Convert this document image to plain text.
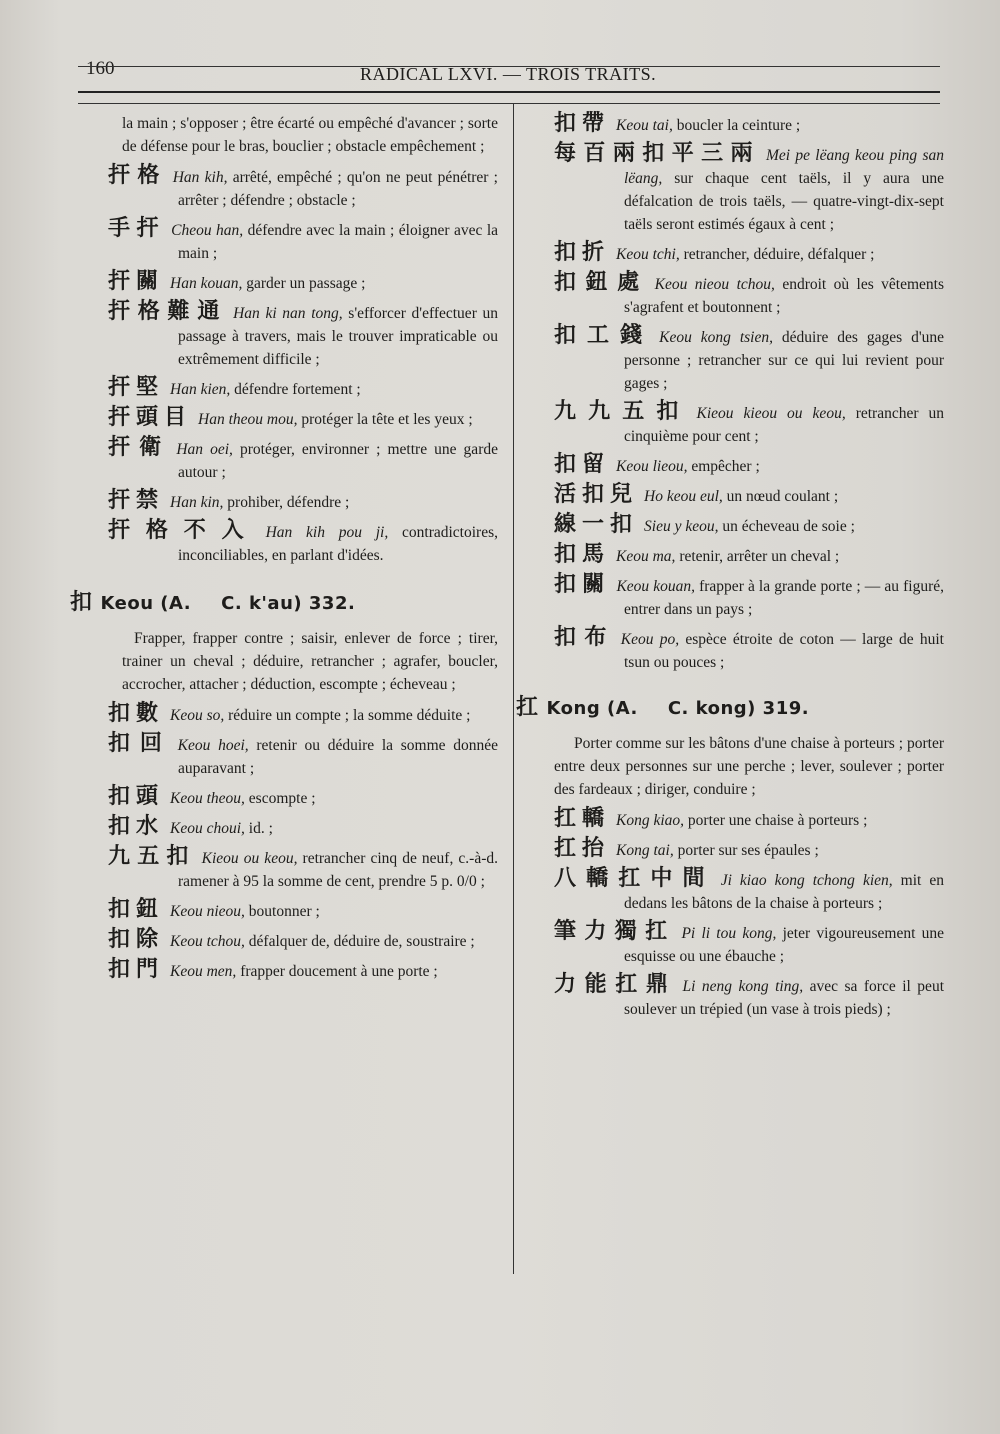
160	RADICAL LXVI. — TROIS TRAITS.

la main ; s'opposer ; être écarté ou empêché d'avancer ; sorte de défense pour le bras, bouclier ; obstacle empêchement ;

扞格 Han kih, arrêté, empêché ; qu'on ne peut pénétrer ; arrêter ; défendre ; obstacle ;

手扞 Cheou han, défendre avec la main ; éloigner avec la main ;

扞關 Han kouan, garder un passage ;

扞格難通 Han ki nan tong, s'efforcer d'effectuer un passage à travers, mais le trouver impraticable ou extrêmement difficile ;

扞堅 Han kien, défendre fortement ;

扞頭目 Han theou mou, protéger la tête et les yeux ;

扞衛 Han oei, protéger, environner ; mettre une garde autour ;

扞禁 Han kin, prohiber, défendre ;

扞格不入 Han kih pou ji, contradictoires, inconciliables, en parlant d'idées.

扣 Keou (A. C. k'au) 332.

Frapper, frapper contre ; saisir, enlever de force ; tirer, trainer un cheval ; déduire, retrancher ; agrafer, boucler, accrocher, attacher ; déduction, escompte ; écheveau ;

扣數 Keou so, réduire un compte ; la somme déduite ;

扣回 Keou hoei, retenir ou déduire la somme donnée auparavant ;

扣頭 Keou theou, escompte ;

扣水 Keou choui, id. ;

九五扣 Kieou ou keou, retrancher cinq de neuf, c.-à-d. ramener à 95 la somme de cent, prendre 5 p. 0/0 ;

扣鈕 Keou nieou, boutonner ;

扣除 Keou tchou, défalquer de, déduire de, soustraire ;

扣門 Keou men, frapper doucement à une porte ;

扣帶 Keou tai, boucler la ceinture ;

每百兩扣平三兩 Mei pe lëang keou ping san lëang, sur chaque cent taëls, il y aura une défalcation de trois taëls, — quatre-vingt-dix-sept taëls seront estimés égaux à cent ;

扣折 Keou tchi, retrancher, déduire, défalquer ;

扣鈕處 Keou nieou tchou, endroit où les vêtements s'agrafent et boutonnent ;

扣工錢 Keou kong tsien, déduire des gages d'une personne ; retrancher sur ce qui lui revient pour gages ;

九九五扣 Kieou kieou ou keou, retrancher un cinquième pour cent ;

扣留 Keou lieou, empêcher ;

活扣兒 Ho keou eul, un nœud coulant ;

線一扣 Sieu y keou, un écheveau de soie ;

扣馬 Keou ma, retenir, arrêter un cheval ;

扣關 Keou kouan, frapper à la grande porte ; — au figuré, entrer dans un pays ;

扣布 Keou po, espèce étroite de coton — large de huit tsun ou pouces ;

扛 Kong (A. C. kong) 319.

Porter comme sur les bâtons d'une chaise à porteurs ; porter entre deux personnes sur une perche ; lever, soulever ; porter des fardeaux ; diriger, conduire ;

扛轎 Kong kiao, porter une chaise à porteurs ;

扛抬 Kong tai, porter sur ses épaules ;

八轎扛中間 Ji kiao kong tchong kien, mit en dedans les bâtons de la chaise à porteurs ;

筆力獨扛 Pi li tou kong, jeter vigoureusement une esquisse ou une ébauche ;

力能扛鼎 Li neng kong ting, avec sa force il peut soulever un trépied (un vase à trois pieds) ;
